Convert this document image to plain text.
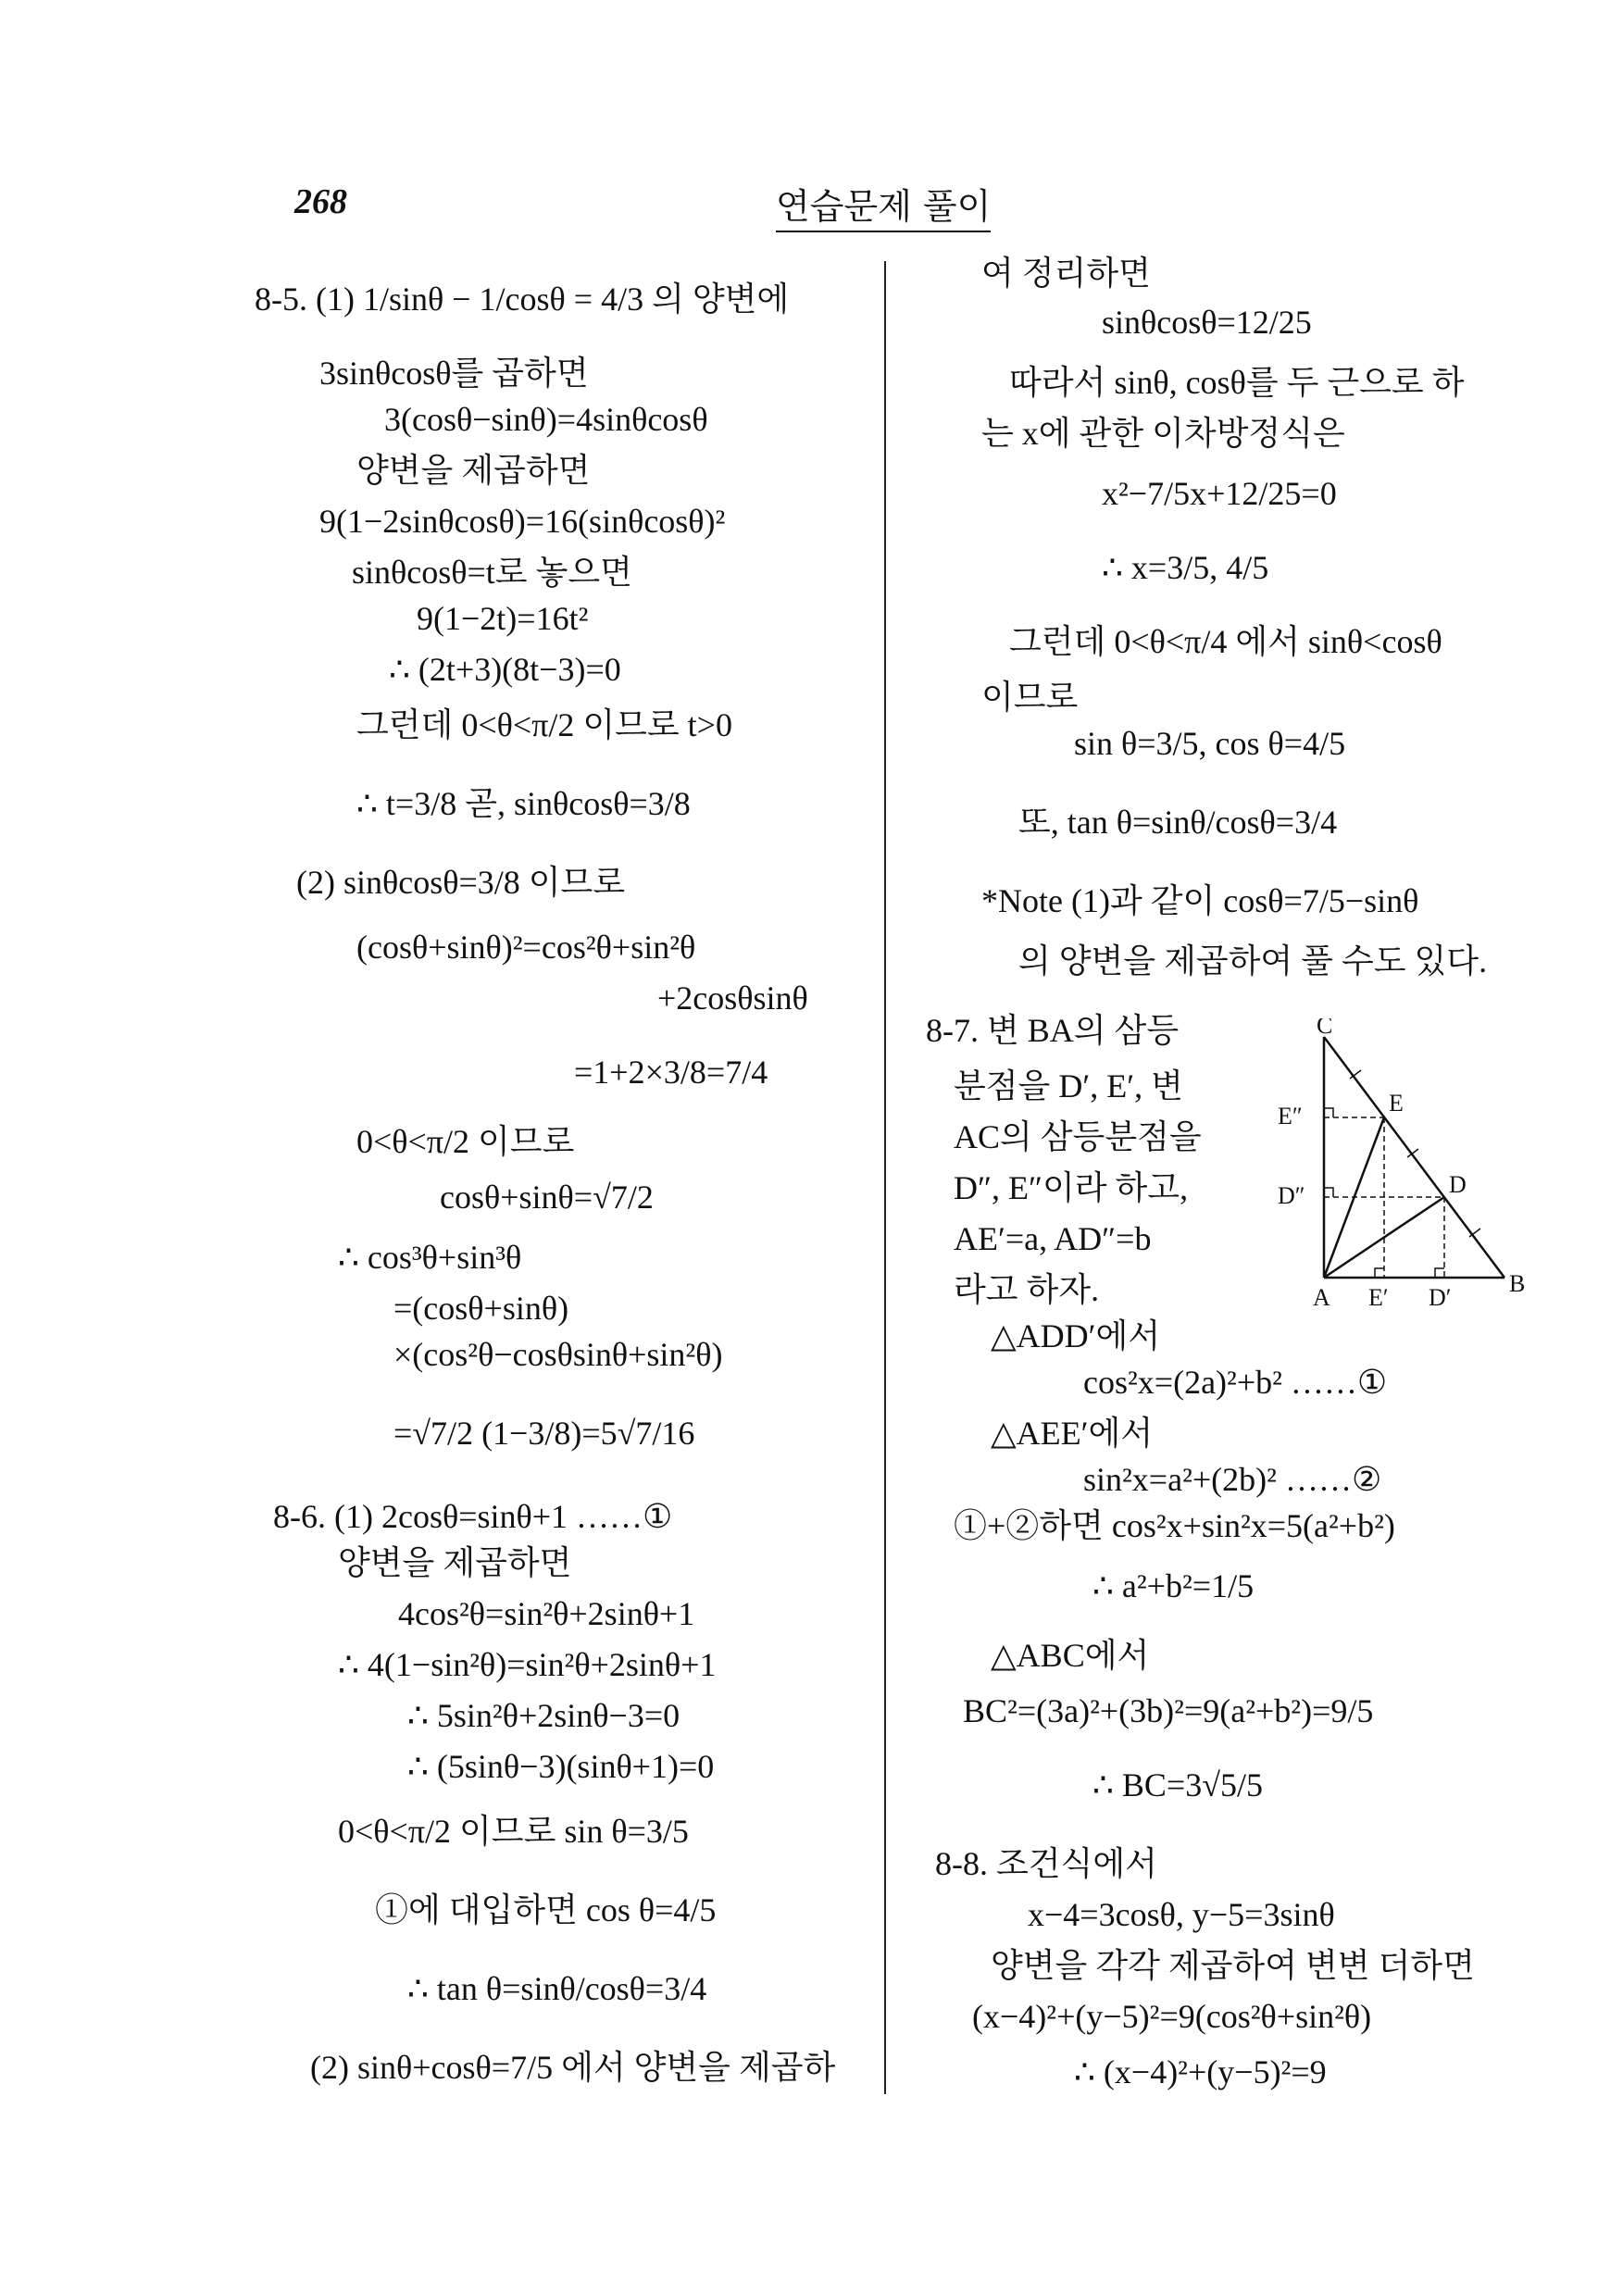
268	연습문제 풀이
8-5. (1) 1/sinθ − 1/cosθ = 4/3 의 양변에
3sinθcosθ를 곱하면
3(cosθ−sinθ)=4sinθcosθ
양변을 제곱하면
9(1−2sinθcosθ)=16(sinθcosθ)²
sinθcosθ=t로 놓으면
9(1−2t)=16t²
∴ (2t+3)(8t−3)=0
그런데 0<θ<π/2 이므로 t>0
∴ t=3/8 곧, sinθcosθ=3/8
(2) sinθcosθ=3/8 이므로
(cosθ+sinθ)²=cos²θ+sin²θ
+2cosθsinθ
=1+2×3/8=7/4
0<θ<π/2 이므로
cosθ+sinθ=√7/2
∴ cos³θ+sin³θ
=(cosθ+sinθ)
×(cos²θ−cosθsinθ+sin²θ)
=√7/2 (1−3/8)=5√7/16
8-6. (1) 2cosθ=sinθ+1 ……①
양변을 제곱하면
4cos²θ=sin²θ+2sinθ+1
∴ 4(1−sin²θ)=sin²θ+2sinθ+1
∴ 5sin²θ+2sinθ−3=0
∴ (5sinθ−3)(sinθ+1)=0
0<θ<π/2 이므로 sin θ=3/5
①에 대입하면 cos θ=4/5
∴ tan θ=sinθ/cosθ=3/4
(2) sinθ+cosθ=7/5 에서 양변을 제곱하
여 정리하면
sinθcosθ=12/25
따라서 sinθ, cosθ를 두 근으로 하
는 x에 관한 이차방정식은
x²−7/5x+12/25=0
∴ x=3/5, 4/5
그런데 0<θ<π/4 에서 sinθ<cosθ
이므로
sin θ=3/5, cos θ=4/5
또, tan θ=sinθ/cosθ=3/4
*Note (1)과 같이 cosθ=7/5−sinθ
의 양변을 제곱하여 풀 수도 있다.
8-7. 변 BA의 삼등
분점을 D′, E′, 변
AC의 삼등분점을
D″, E″이라 하고,
AE′=a, AD″=b
라고 하자.
△ADD′에서
cos²x=(2a)²+b² ……①
△AEE′에서
sin²x=a²+(2b)² ……②
①+②하면 cos²x+sin²x=5(a²+b²)
∴ a²+b²=1/5
△ABC에서
BC²=(3a)²+(3b)²=9(a²+b²)=9/5
∴ BC=3√5/5
8-8. 조건식에서
x−4=3cosθ, y−5=3sinθ
양변을 각각 제곱하여 변변 더하면
(x−4)²+(y−5)²=9(cos²θ+sin²θ)
∴ (x−4)²+(y−5)²=9
C
E″	E
D″	D
A E′ D′
B
